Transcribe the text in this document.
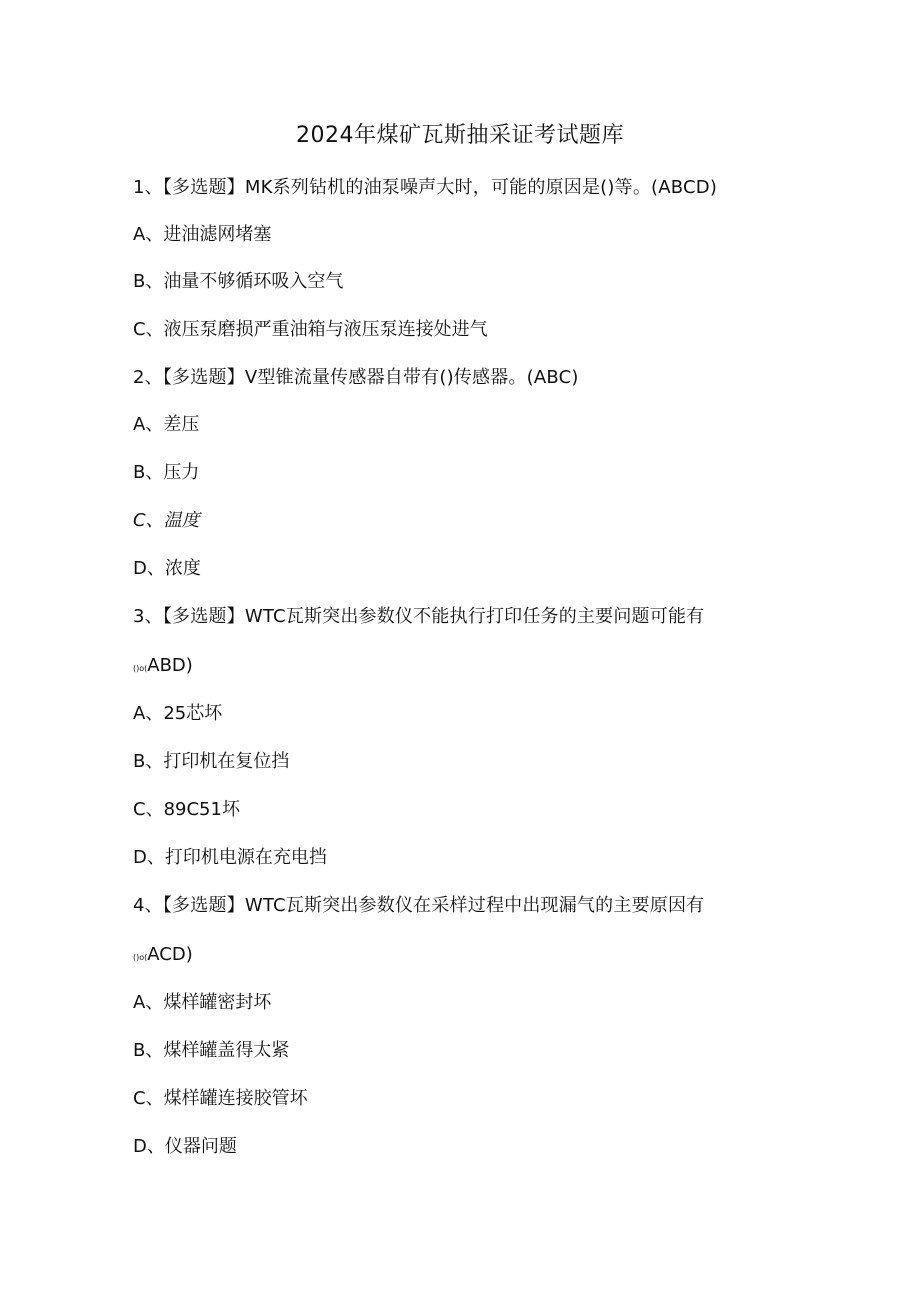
2024年煤矿瓦斯抽采证考试题库
1、【多选题】MK系列钻机的油泵噪声大时，可能的原因是()等。(ABCD)
A、进油滤网堵塞
B、油量不够循环吸入空气
C、液压泵磨损严重油箱与液压泵连接处进气
2、【多选题】V型锥流量传感器自带有()传感器。(ABC)
A、差压
B、压力
C、温度
D、浓度
3、【多选题】WTC瓦斯突出参数仪不能执行打印任务的主要问题可能有
()o(ABD)
A、25芯坏
B、打印机在复位挡
C、89C51坏
D、打印机电源在充电挡
4、【多选题】WTC瓦斯突出参数仪在采样过程中出现漏气的主要原因有
()o(ACD)
A、煤样罐密封坏
B、煤样罐盖得太紧
C、煤样罐连接胶管坏
D、仪器问题
